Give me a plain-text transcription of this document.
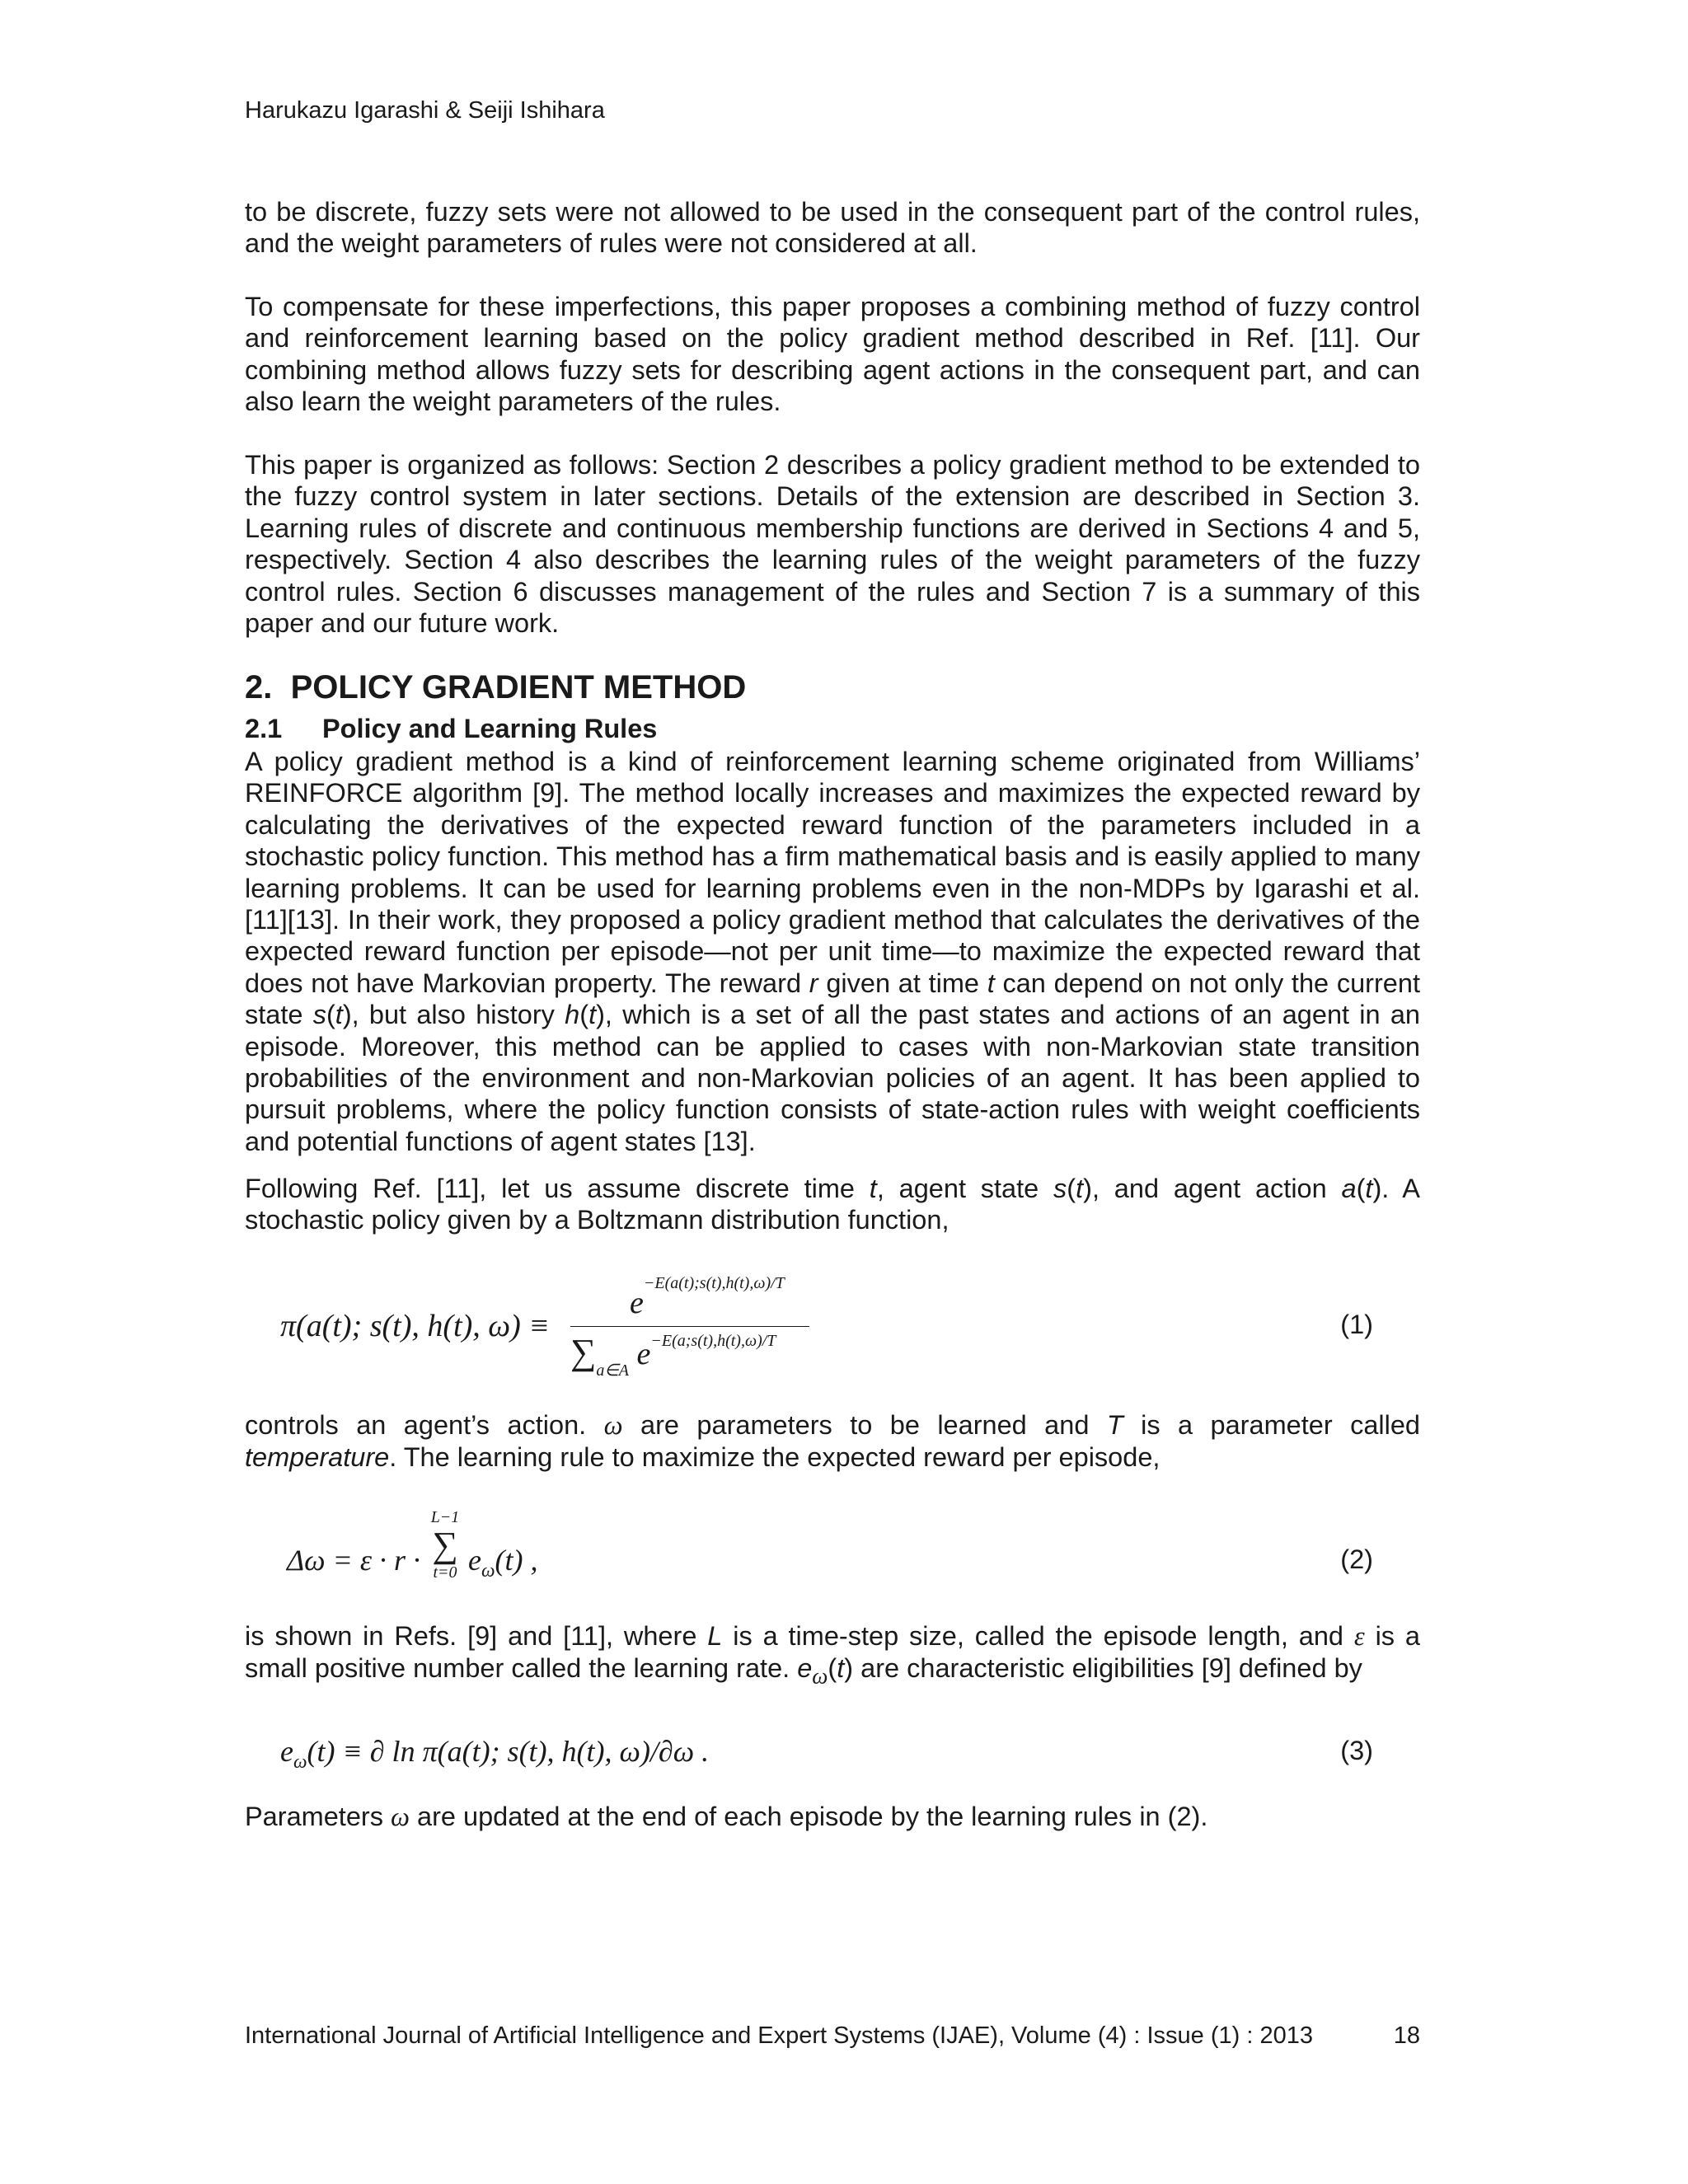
Harukazu Igarashi & Seiji Ishihara

to be discrete, fuzzy sets were not allowed to be used in the consequent part of the control rules, and the weight parameters of rules were not considered at all.

To compensate for these imperfections, this paper proposes a combining method of fuzzy control and reinforcement learning based on the policy gradient method described in Ref. [11]. Our combining method allows fuzzy sets for describing agent actions in the consequent part, and can also learn the weight parameters of the rules.

This paper is organized as follows: Section 2 describes a policy gradient method to be extended to the fuzzy control system in later sections. Details of the extension are described in Section 3. Learning rules of discrete and continuous membership functions are derived in Sections 4 and 5, respectively. Section 4 also describes the learning rules of the weight parameters of the fuzzy control rules. Section 6 discusses management of the rules and Section 7 is a summary of this paper and our future work.

2. POLICY GRADIENT METHOD
2.1 Policy and Learning Rules

A policy gradient method is a kind of reinforcement learning scheme originated from Williams’ REINFORCE algorithm [9]. The method locally increases and maximizes the expected reward by calculating the derivatives of the expected reward function of the parameters included in a stochastic policy function. This method has a firm mathematical basis and is easily applied to many learning problems. It can be used for learning problems even in the non-MDPs by Igarashi et al. [11][13]. In their work, they proposed a policy gradient method that calculates the derivatives of the expected reward function per episode—not per unit time—to maximize the expected reward that does not have Markovian property. The reward r given at time t can depend on not only the current state s(t), but also history h(t), which is a set of all the past states and actions of an agent in an episode. Moreover, this method can be applied to cases with non-Markovian state transition probabilities of the environment and non-Markovian policies of an agent. It has been applied to pursuit problems, where the policy function consists of state-action rules with weight coefficients and potential functions of agent states [13].

Following Ref. [11], let us assume discrete time t, agent state s(t), and agent action a(t). A stochastic policy given by a Boltzmann distribution function,

π(a(t); s(t), h(t), ω) ≡
$e^{-E(a(t);s(t),h(t),\omega)/T}$
$\sum_{a\in A}$ $e^{-E(a;s(t),h(t),\omega)/T}$
(1)

controls an agent’s action. ω are parameters to be learned and T is a parameter called temperature. The learning rule to maximize the expected reward per episode,

Δω = ε · r ·
L−1
∑
t=0 $e_\omega(t)$ ,	(2)

is shown in Refs. [9] and [11], where L is a time-step size, called the episode length, and ε is a small positive number called the learning rate. $e_\omega(t)$ are characteristic eligibilities [9] defined by

$e_\omega(t)$ ≡ ∂ ln π(a(t); s(t), h(t), ω)/∂ω .	(3)

Parameters ω are updated at the end of each episode by the learning rules in (2).

International Journal of Artificial Intelligence and Expert Systems (IJAE), Volume (4) : Issue (1) : 2013	18
